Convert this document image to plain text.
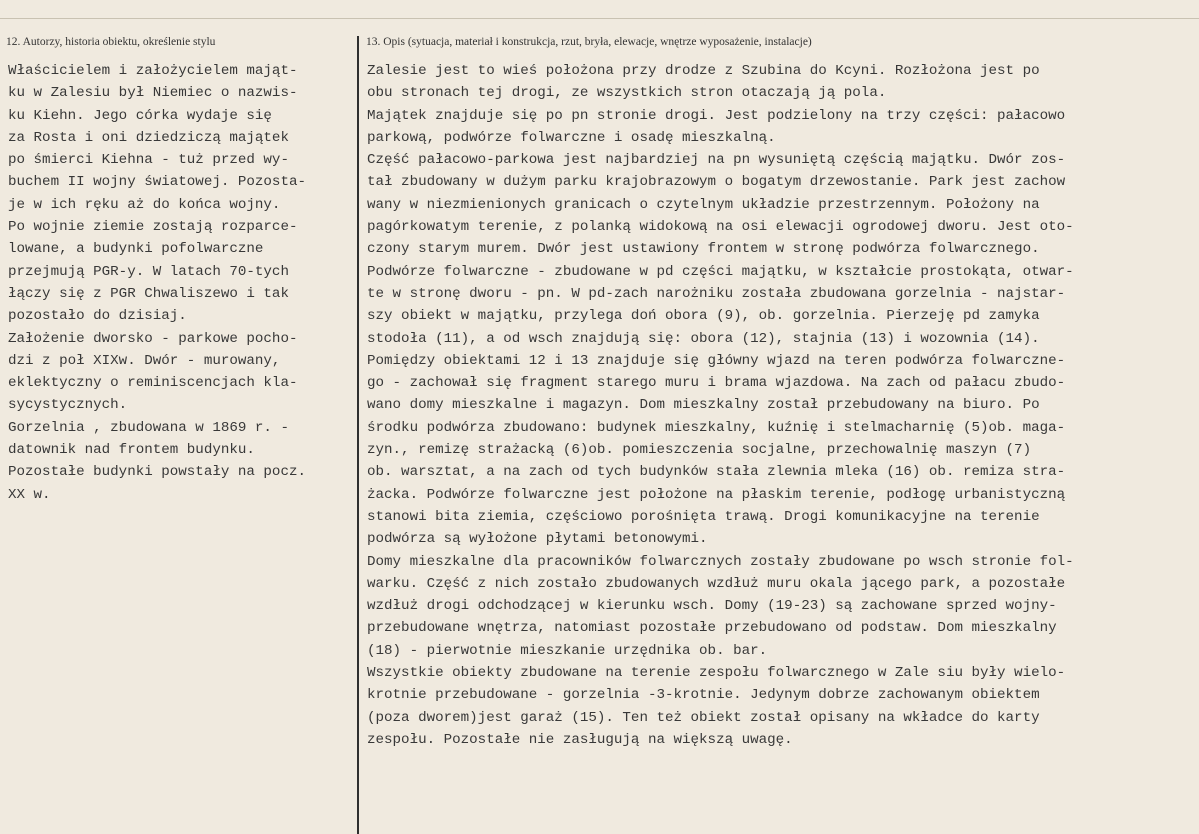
12. Autorzy, historia obiektu, określenie stylu	13. Opis (sytuacja, materiał i konstrukcja, rzut, bryła, elewacje, wnętrze wyposażenie, instalacje)
Właścicielem i założycielem mająt-
ku w Zalesiu był Niemiec o nazwis-
ku Kiehn. Jego córka wydaje się
za Rosta i oni dziedziczą majątek
po śmierci Kiehna - tuż przed wy-
buchem II wojny światowej. Pozosta-
je w ich ręku aż do końca wojny.
Po wojnie ziemie zostają rozparce-
lowane, a budynki pofolwarczne
przejmują PGR-y. W latach 70-tych
łączy się z PGR Chwaliszewo i tak
pozostało do dzisiaj.
Założenie dworsko - parkowe pocho-
dzi z poł XIXw. Dwór - murowany,
eklektyczny o reminiscencjach kla-
sycystycznych.
Gorzelnia , zbudowana w 1869 r. -
datownik nad frontem budynku.
Pozostałe budynki powstały na pocz.
XX w.
Zalesie jest to wieś położona przy drodze z Szubina do Kcyni. Rozłożona jest po
obu stronach tej drogi, ze wszystkich stron otaczają ją pola.
Majątek znajduje się po pn stronie drogi. Jest podzielony na trzy części: pałacowo
parkową, podwórze folwarczne i osadę mieszkalną.
Część pałacowo-parkowa jest najbardziej na pn wysuniętą częścią majątku. Dwór zos-
tał zbudowany w dużym parku krajobrazowym o bogatym drzewostanie. Park jest zachow
wany w niezmienionych granicach o czytelnym układzie przestrzennym. Położony na
pagórkowatym terenie, z polanką widokową na osi elewacji ogrodowej dworu. Jest oto-
czony starym murem. Dwór jest ustawiony frontem w stronę podwórza folwarcznego.
Podwórze folwarczne - zbudowane w pd części majątku, w kształcie prostokąta, otwar-
te w stronę dworu - pn. W pd-zach narożniku została zbudowana gorzelnia - najstar-
szy obiekt w majątku, przylega doń obora (9), ob. gorzelnia. Pierzeję pd zamyka
stodoła (11), a od wsch znajdują się: obora (12), stajnia (13) i wozownia (14).
Pomiędzy obiektami 12 i 13 znajduje się główny wjazd na teren podwórza folwarczne-
go - zachował się fragment starego muru i brama wjazdowa. Na zach od pałacu zbudo-
wano domy mieszkalne i magazyn. Dom mieszkalny został przebudowany na biuro. Po
środku podwórza zbudowano: budynek mieszkalny, kuźnię i stelmacharnię (5)ob. maga-
zyn., remizę strażacką (6)ob. pomieszczenia socjalne, przechowalnię maszyn (7)
ob. warsztat, a na zach od tych budynków stała zlewnia mleka (16) ob. remiza stra-
żacka. Podwórze folwarczne jest położone na płaskim terenie, podłogę urbanistyczną
stanowi bita ziemia, częściowo porośnięta trawą. Drogi komunikacyjne na terenie
podwórza są wyłożone płytami betonowymi.
Domy mieszkalne dla pracowników folwarcznych zostały zbudowane po wsch stronie fol-
warku. Część z nich zostało zbudowanych wzdłuż muru okala jącego park, a pozostałe
wzdłuż drogi odchodzącej w kierunku wsch. Domy (19-23) są zachowane sprzed wojny-
przebudowane wnętrza, natomiast pozostałe przebudowano od podstaw. Dom mieszkalny
(18) - pierwotnie mieszkanie urzędnika ob. bar.
Wszystkie obiekty zbudowane na terenie zespołu folwarcznego w Zale siu były wielo-
krotnie przebudowane - gorzelnia -3-krotnie. Jedynym dobrze zachowanym obiektem
(poza dworem)jest garaż (15). Ten też obiekt został opisany na wkładce do karty
zespołu. Pozostałe nie zasługują na większą uwagę.
